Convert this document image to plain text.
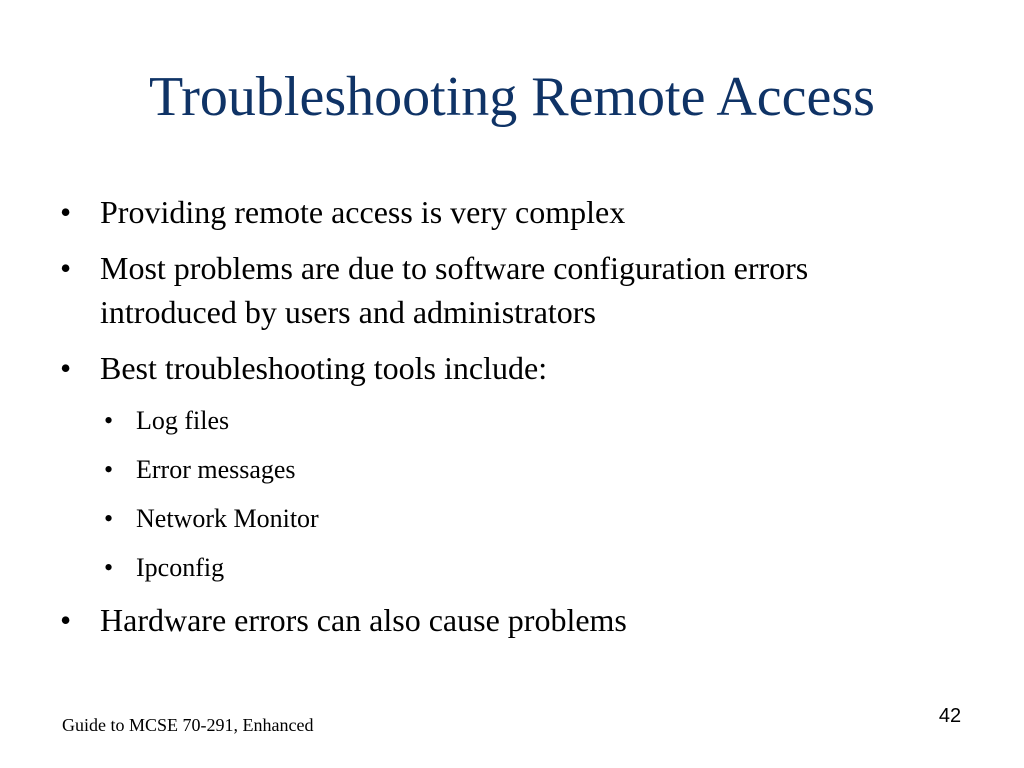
Troubleshooting Remote Access
• Providing remote access is very complex
• Most problems are due to software configuration errors introduced by users and administrators
• Best troubleshooting tools include:
• Log files
• Error messages
• Network Monitor
• Ipconfig
• Hardware errors can also cause problems
Guide to MCSE 70-291, Enhanced	42
